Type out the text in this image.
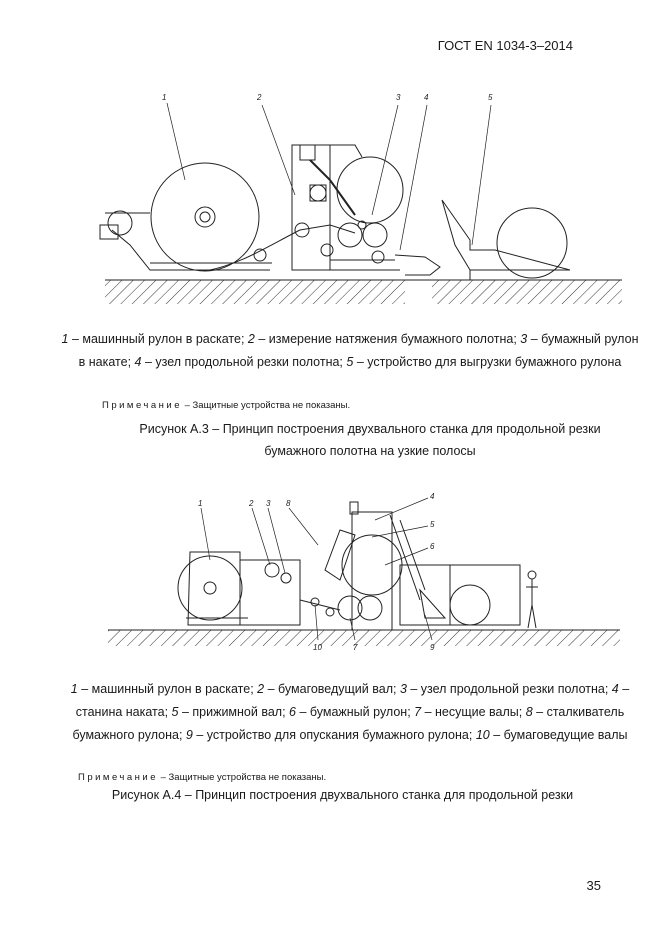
ГОСТ EN 1034-3–2014
1	2	3	4	5
1 – машинный рулон в раскате; 2 – измерение натяжения бумажного полотна; 3 – бумажный рулон в накате; 4 – узел продольной резки полотна; 5 – устройство для выгрузки бумажного рулона
Примечание – Защитные устройства не показаны.
Рисунок А.3 – Принцип построения двухвального станка для продольной резки
бумажного полотна на узкие полосы
1	2 3 8
4
5
6
10	7	9
1 – машинный рулон в раскате; 2 – бумаговедущий вал; 3 – узел продольной резки полотна; 4 – станина наката; 5 – прижимной вал; 6 – бумажный рулон; 7 – несущие валы; 8 – сталкиватель бумажного рулона; 9 – устройство для опускания бумажного рулона; 10 – бумаговедущие валы
Примечание – Защитные устройства не показаны.
Рисунок А.4 – Принцип построения двухвального станка для продольной резки
35
